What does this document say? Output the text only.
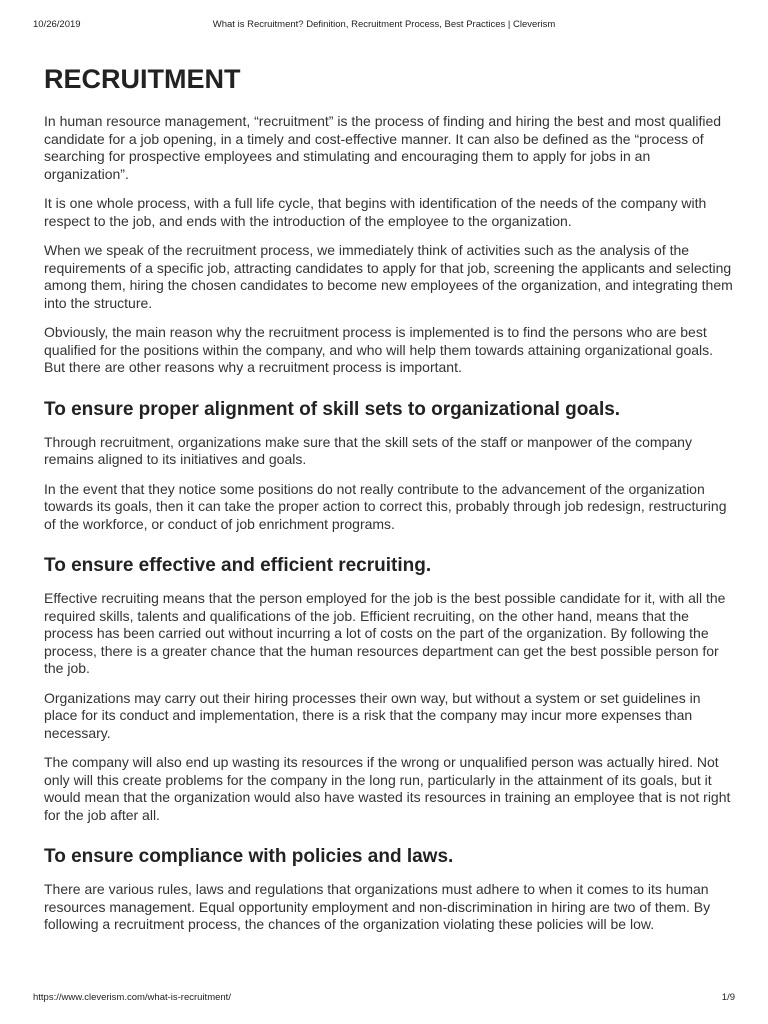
10/26/2019	What is Recruitment? Definition, Recruitment Process, Best Practices | Cleverism
RECRUITMENT

In human resource management, “recruitment” is the process of finding and hiring the best and most qualified candidate for a job opening, in a timely and cost-effective manner. It can also be defined as the “process of searching for prospective employees and stimulating and encouraging them to apply for jobs in an organization”.

It is one whole process, with a full life cycle, that begins with identification of the needs of the company with respect to the job, and ends with the introduction of the employee to the organization.

When we speak of the recruitment process, we immediately think of activities such as the analysis of the requirements of a specific job, attracting candidates to apply for that job, screening the applicants and selecting among them, hiring the chosen candidates to become new employees of the organization, and integrating them into the structure.

Obviously, the main reason why the recruitment process is implemented is to find the persons who are best qualified for the positions within the company, and who will help them towards attaining organizational goals. But there are other reasons why a recruitment process is important.

To ensure proper alignment of skill sets to organizational goals.

Through recruitment, organizations make sure that the skill sets of the staff or manpower of the company remains aligned to its initiatives and goals.

In the event that they notice some positions do not really contribute to the advancement of the organization towards its goals, then it can take the proper action to correct this, probably through job redesign, restructuring of the workforce, or conduct of job enrichment programs.

To ensure effective and efficient recruiting.

Effective recruiting means that the person employed for the job is the best possible candidate for it, with all the required skills, talents and qualifications of the job. Efficient recruiting, on the other hand, means that the process has been carried out without incurring a lot of costs on the part of the organization. By following the process, there is a greater chance that the human resources department can get the best possible person for the job.

Organizations may carry out their hiring processes their own way, but without a system or set guidelines in place for its conduct and implementation, there is a risk that the company may incur more expenses than necessary.

The company will also end up wasting its resources if the wrong or unqualified person was actually hired. Not only will this create problems for the company in the long run, particularly in the attainment of its goals, but it would mean that the organization would also have wasted its resources in training an employee that is not right for the job after all.

To ensure compliance with policies and laws.

There are various rules, laws and regulations that organizations must adhere to when it comes to its human resources management. Equal opportunity employment and non-discrimination in hiring are two of them. By following a recruitment process, the chances of the organization violating these policies will be low.

https://www.cleverism.com/what-is-recruitment/	1/9
